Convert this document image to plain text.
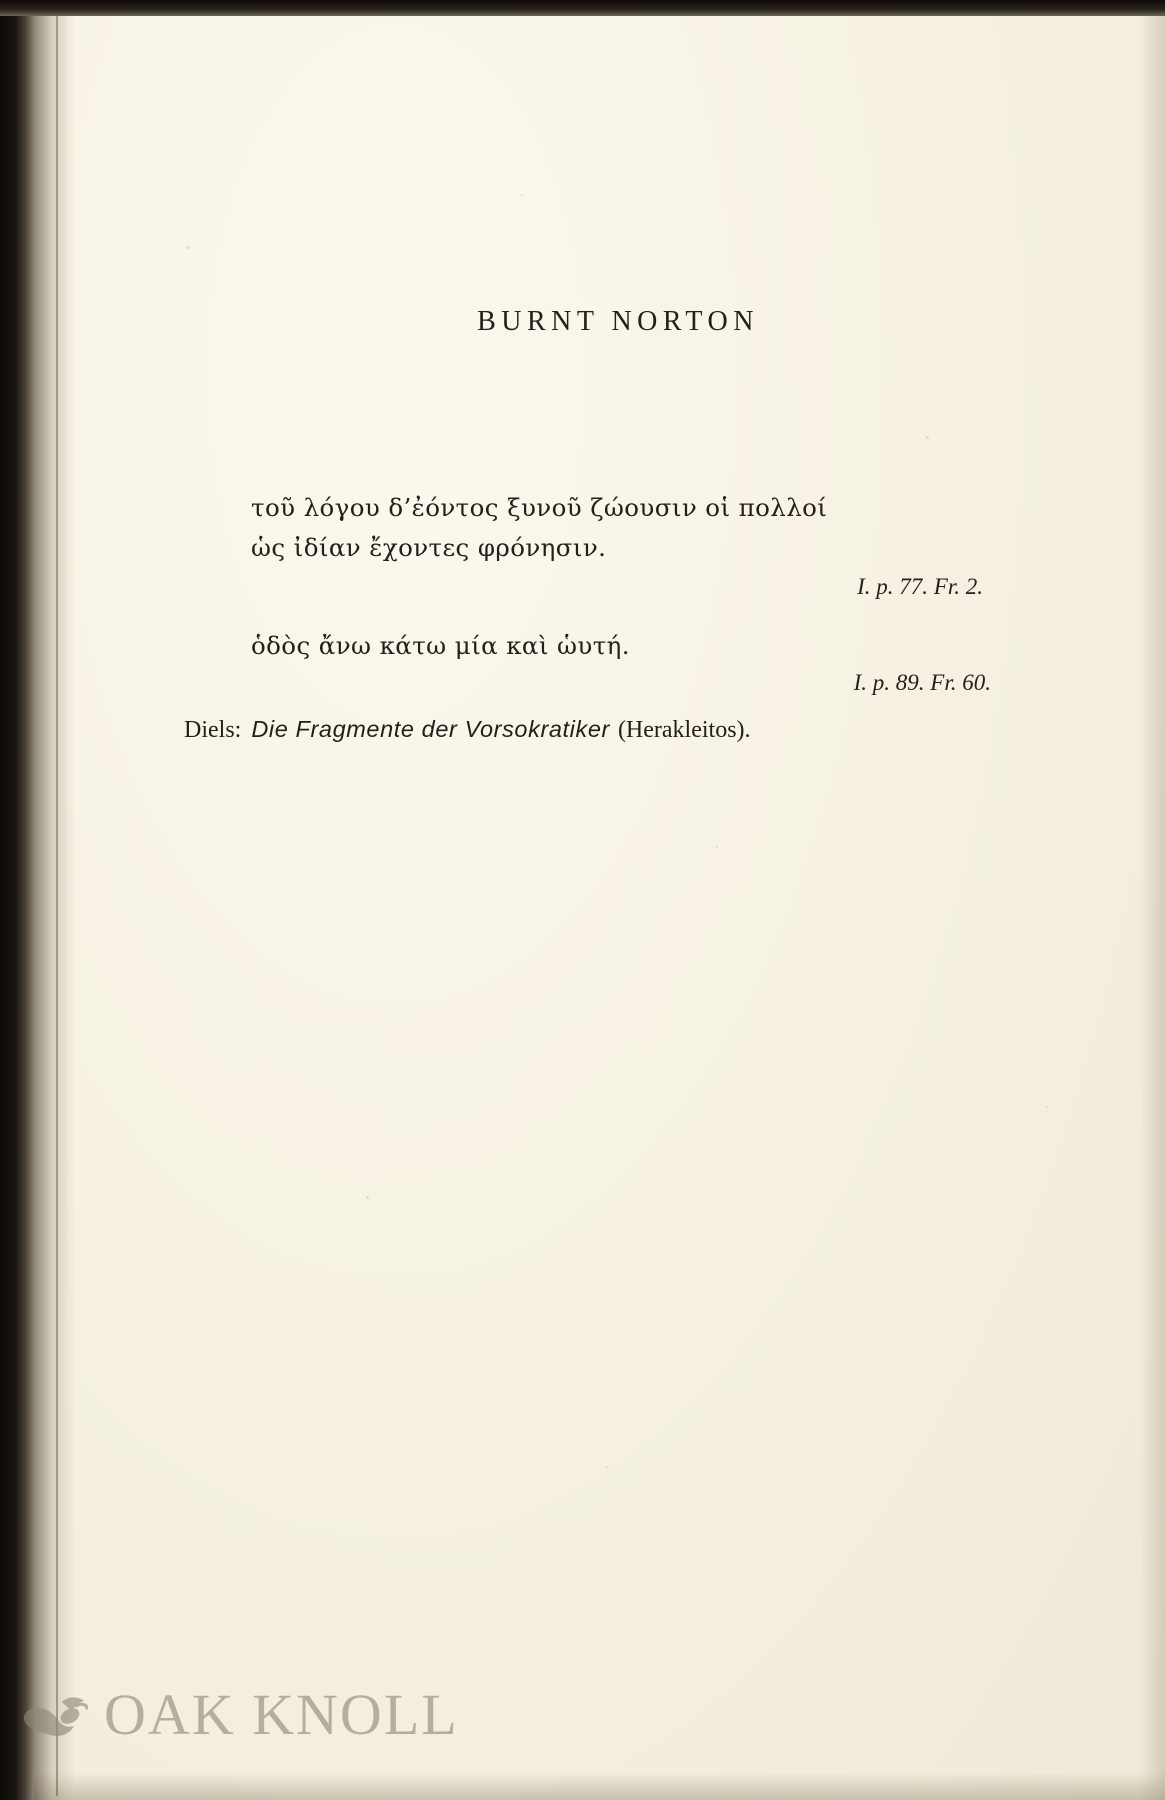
BURNT NORTON
τοῦ λόγου δ’ἐόντος ξυνοῦ ζώουσιν οἱ πολλοί
ὡς ἰδίαν ἔχοντες φρόνησιν.
I. p. 77. Fr. 2.
ὁδὸς ἄνω κάτω μία καὶ ὡυτή.
I. p. 89. Fr. 60.
Diels: Die Fragmente der Vorsokratiker (Herakleitos).
OAK KNOLL
